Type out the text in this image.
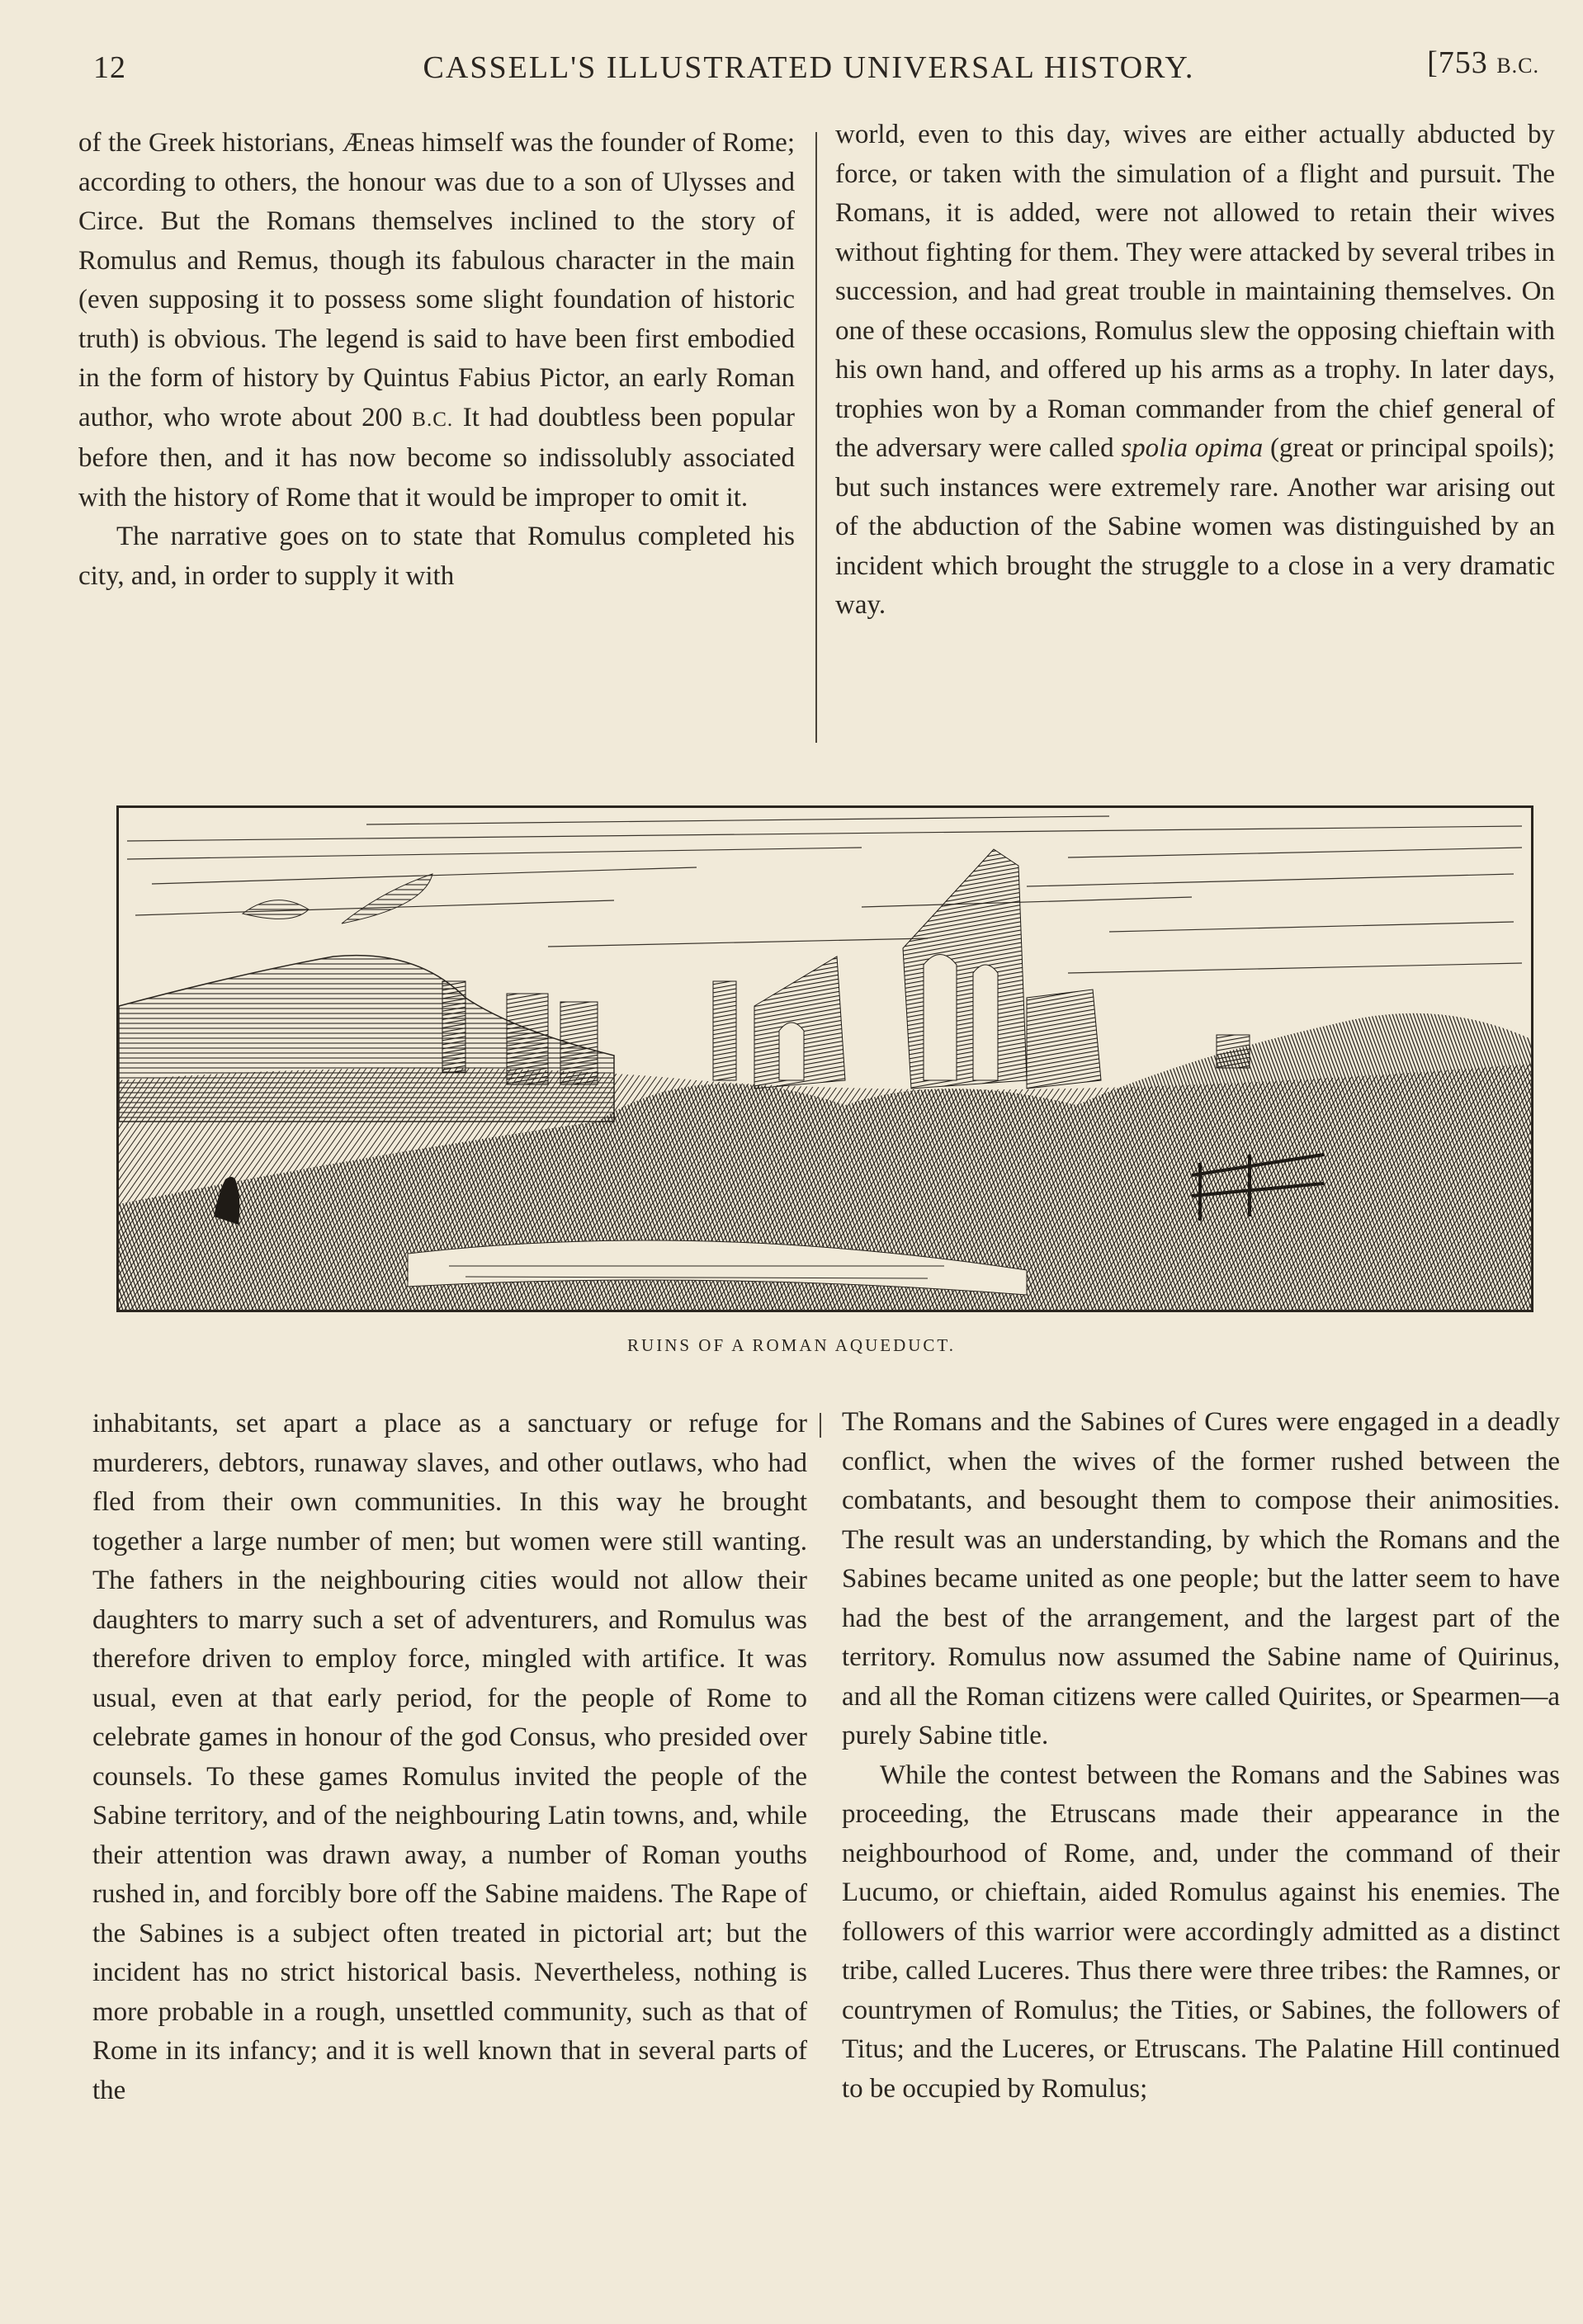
12	CASSELL'S ILLUSTRATED UNIVERSAL HISTORY.	[753 B.C.

of the Greek historians, Æneas himself was the founder of Rome; according to others, the honour was due to a son of Ulysses and Circe. But the Romans themselves inclined to the story of Romulus and Remus, though its fabulous character in the main (even supposing it to possess some slight foundation of historic truth) is obvious. The legend is said to have been first embodied in the form of history by Quintus Fabius Pictor, an early Roman author, who wrote about 200 B.C. It had doubtless been popular before then, and it has now become so indissolubly associated with the history of Rome that it would be improper to omit it.

The narrative goes on to state that Romulus completed his city, and, in order to supply it with

world, even to this day, wives are either actually abducted by force, or taken with the simulation of a flight and pursuit. The Romans, it is added, were not allowed to retain their wives without fighting for them. They were attacked by several tribes in succession, and had great trouble in maintaining themselves. On one of these occasions, Romulus slew the opposing chieftain with his own hand, and offered up his arms as a trophy. In later days, trophies won by a Roman commander from the chief general of the adversary were called spolia opima (great or principal spoils); but such instances were extremely rare. Another war arising out of the abduction of the Sabine women was distinguished by an incident which brought the struggle to a close in a very dramatic way.

RUINS OF A ROMAN AQUEDUCT.

inhabitants, set apart a place as a sanctuary or refuge for murderers, debtors, runaway slaves, and other outlaws, who had fled from their own communities. In this way he brought together a large number of men; but women were still wanting. The fathers in the neighbouring cities would not allow their daughters to marry such a set of adventurers, and Romulus was therefore driven to employ force, mingled with artifice. It was usual, even at that early period, for the people of Rome to celebrate games in honour of the god Consus, who presided over counsels. To these games Romulus invited the people of the Sabine territory, and of the neighbouring Latin towns, and, while their attention was drawn away, a number of Roman youths rushed in, and forcibly bore off the Sabine maidens. The Rape of the Sabines is a subject often treated in pictorial art; but the incident has no strict historical basis. Nevertheless, nothing is more probable in a rough, unsettled community, such as that of Rome in its infancy; and it is well known that in several parts of the

The Romans and the Sabines of Cures were engaged in a deadly conflict, when the wives of the former rushed between the combatants, and besought them to compose their animosities. The result was an understanding, by which the Romans and the Sabines became united as one people; but the latter seem to have had the best of the arrangement, and the largest part of the territory. Romulus now assumed the Sabine name of Quirinus, and all the Roman citizens were called Quirites, or Spearmen—a purely Sabine title.

While the contest between the Romans and the Sabines was proceeding, the Etruscans made their appearance in the neighbourhood of Rome, and, under the command of their Lucumo, or chieftain, aided Romulus against his enemies. The followers of this warrior were accordingly admitted as a distinct tribe, called Luceres. Thus there were three tribes: the Ramnes, or countrymen of Romulus; the Tities, or Sabines, the followers of Titus; and the Luceres, or Etruscans. The Palatine Hill continued to be occupied by Romulus;
